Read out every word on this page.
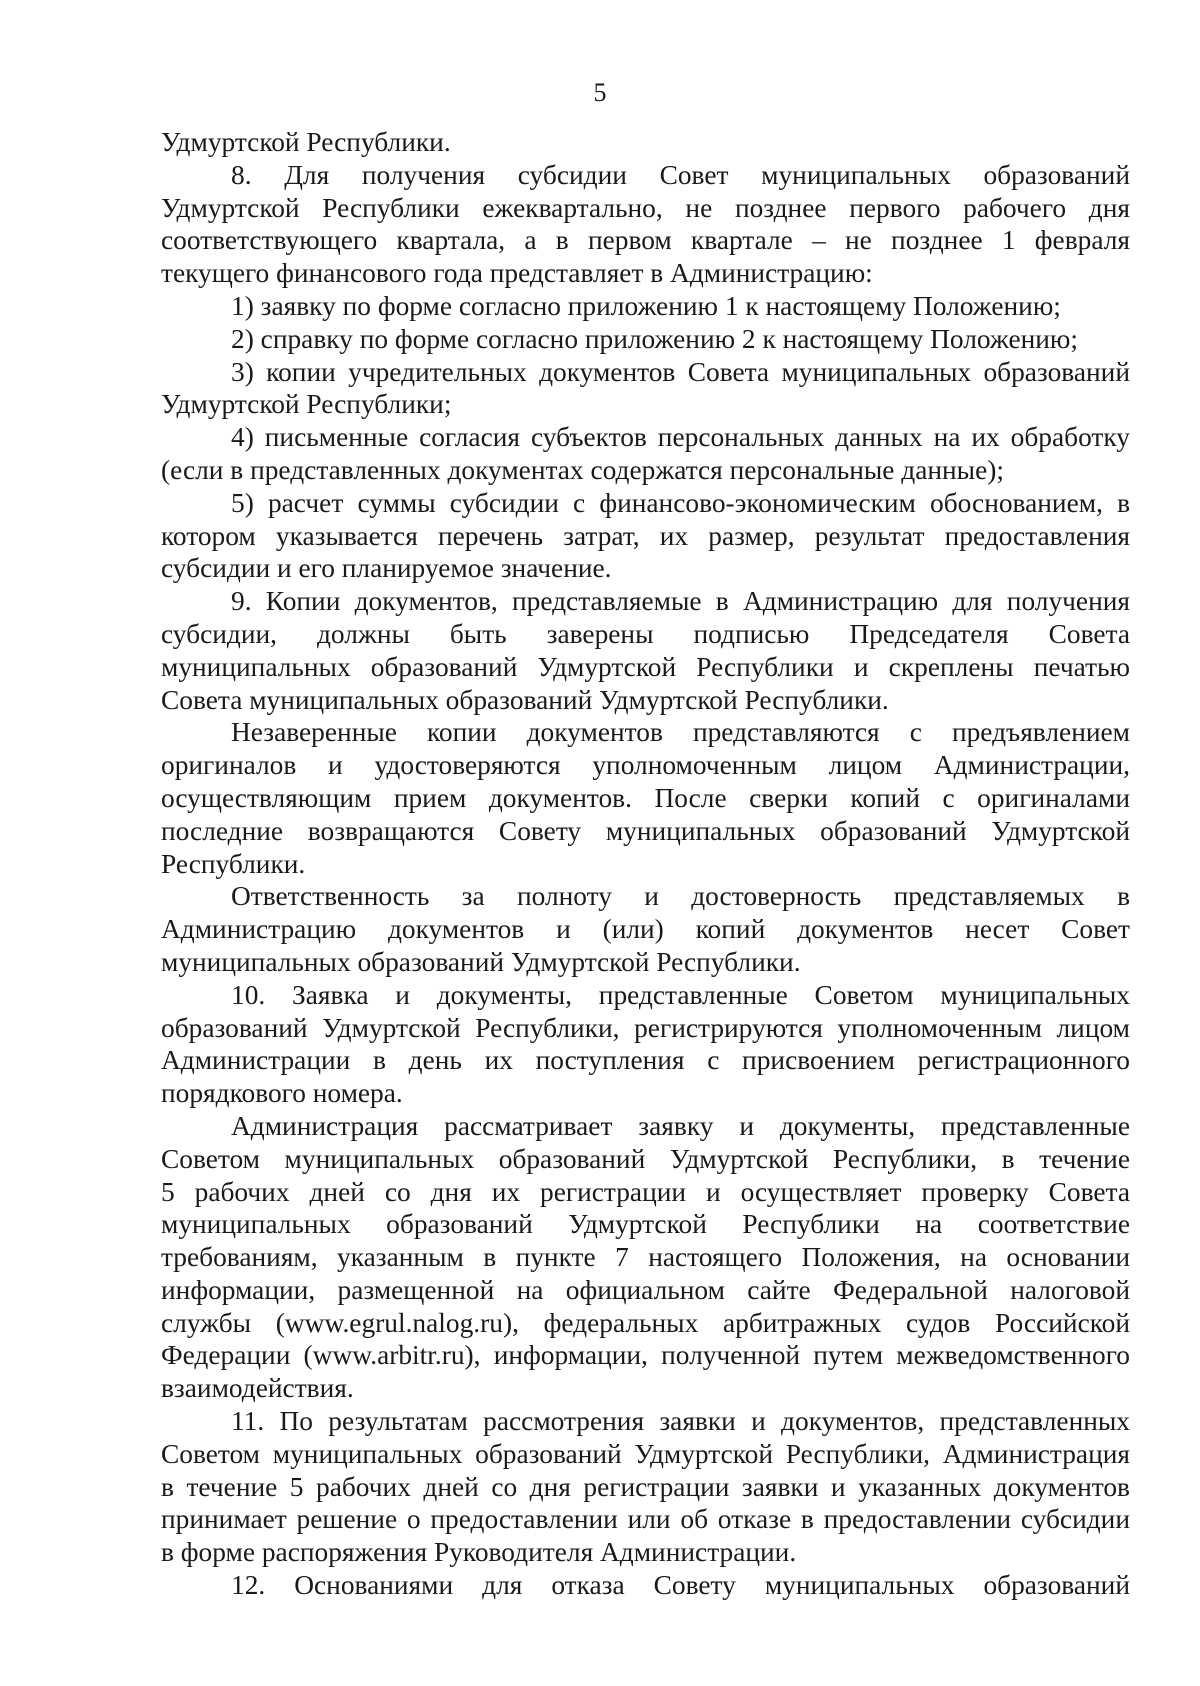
5
Удмуртской Республики.
8. Для получения субсидии Совет муниципальных образований
Удмуртской Республики ежеквартально, не позднее первого рабочего дня
соответствующего квартала, а в первом квартале – не позднее 1 февраля
текущего финансового года представляет в Администрацию:
1) заявку по форме согласно приложению 1 к настоящему Положению;
2) справку по форме согласно приложению 2 к настоящему Положению;
3) копии учредительных документов Совета муниципальных образований
Удмуртской Республики;
4) письменные согласия субъектов персональных данных на их обработку
(если в представленных документах содержатся персональные данные);
5) расчет суммы субсидии с финансово-экономическим обоснованием, в
котором указывается перечень затрат, их размер, результат предоставления
субсидии и его планируемое значение.
9. Копии документов, представляемые в Администрацию для получения
субсидии, должны быть заверены подписью Председателя Совета
муниципальных образований Удмуртской Республики и скреплены печатью
Совета муниципальных образований Удмуртской Республики.
Незаверенные копии документов представляются с предъявлением
оригиналов и удостоверяются уполномоченным лицом Администрации,
осуществляющим прием документов. После сверки копий с оригиналами
последние возвращаются Совету муниципальных образований Удмуртской
Республики.
Ответственность за полноту и достоверность представляемых в
Администрацию документов и (или) копий документов несет Совет
муниципальных образований Удмуртской Республики.
10. Заявка и документы, представленные Советом муниципальных
образований Удмуртской Республики, регистрируются уполномоченным лицом
Администрации в день их поступления с присвоением регистрационного
порядкового номера.
Администрация рассматривает заявку и документы, представленные
Советом муниципальных образований Удмуртской Республики, в течение
5 рабочих дней со дня их регистрации и осуществляет проверку Совета
муниципальных образований Удмуртской Республики на соответствие
требованиям, указанным в пункте 7 настоящего Положения, на основании
информации, размещенной на официальном сайте Федеральной налоговой
службы (www.egrul.nalog.ru), федеральных арбитражных судов Российской
Федерации (www.arbitr.ru), информации, полученной путем межведомственного
взаимодействия.
11. По результатам рассмотрения заявки и документов, представленных
Советом муниципальных образований Удмуртской Республики, Администрация
в течение 5 рабочих дней со дня регистрации заявки и указанных документов
принимает решение о предоставлении или об отказе в предоставлении субсидии
в форме распоряжения Руководителя Администрации.
12. Основаниями для отказа Совету муниципальных образований
